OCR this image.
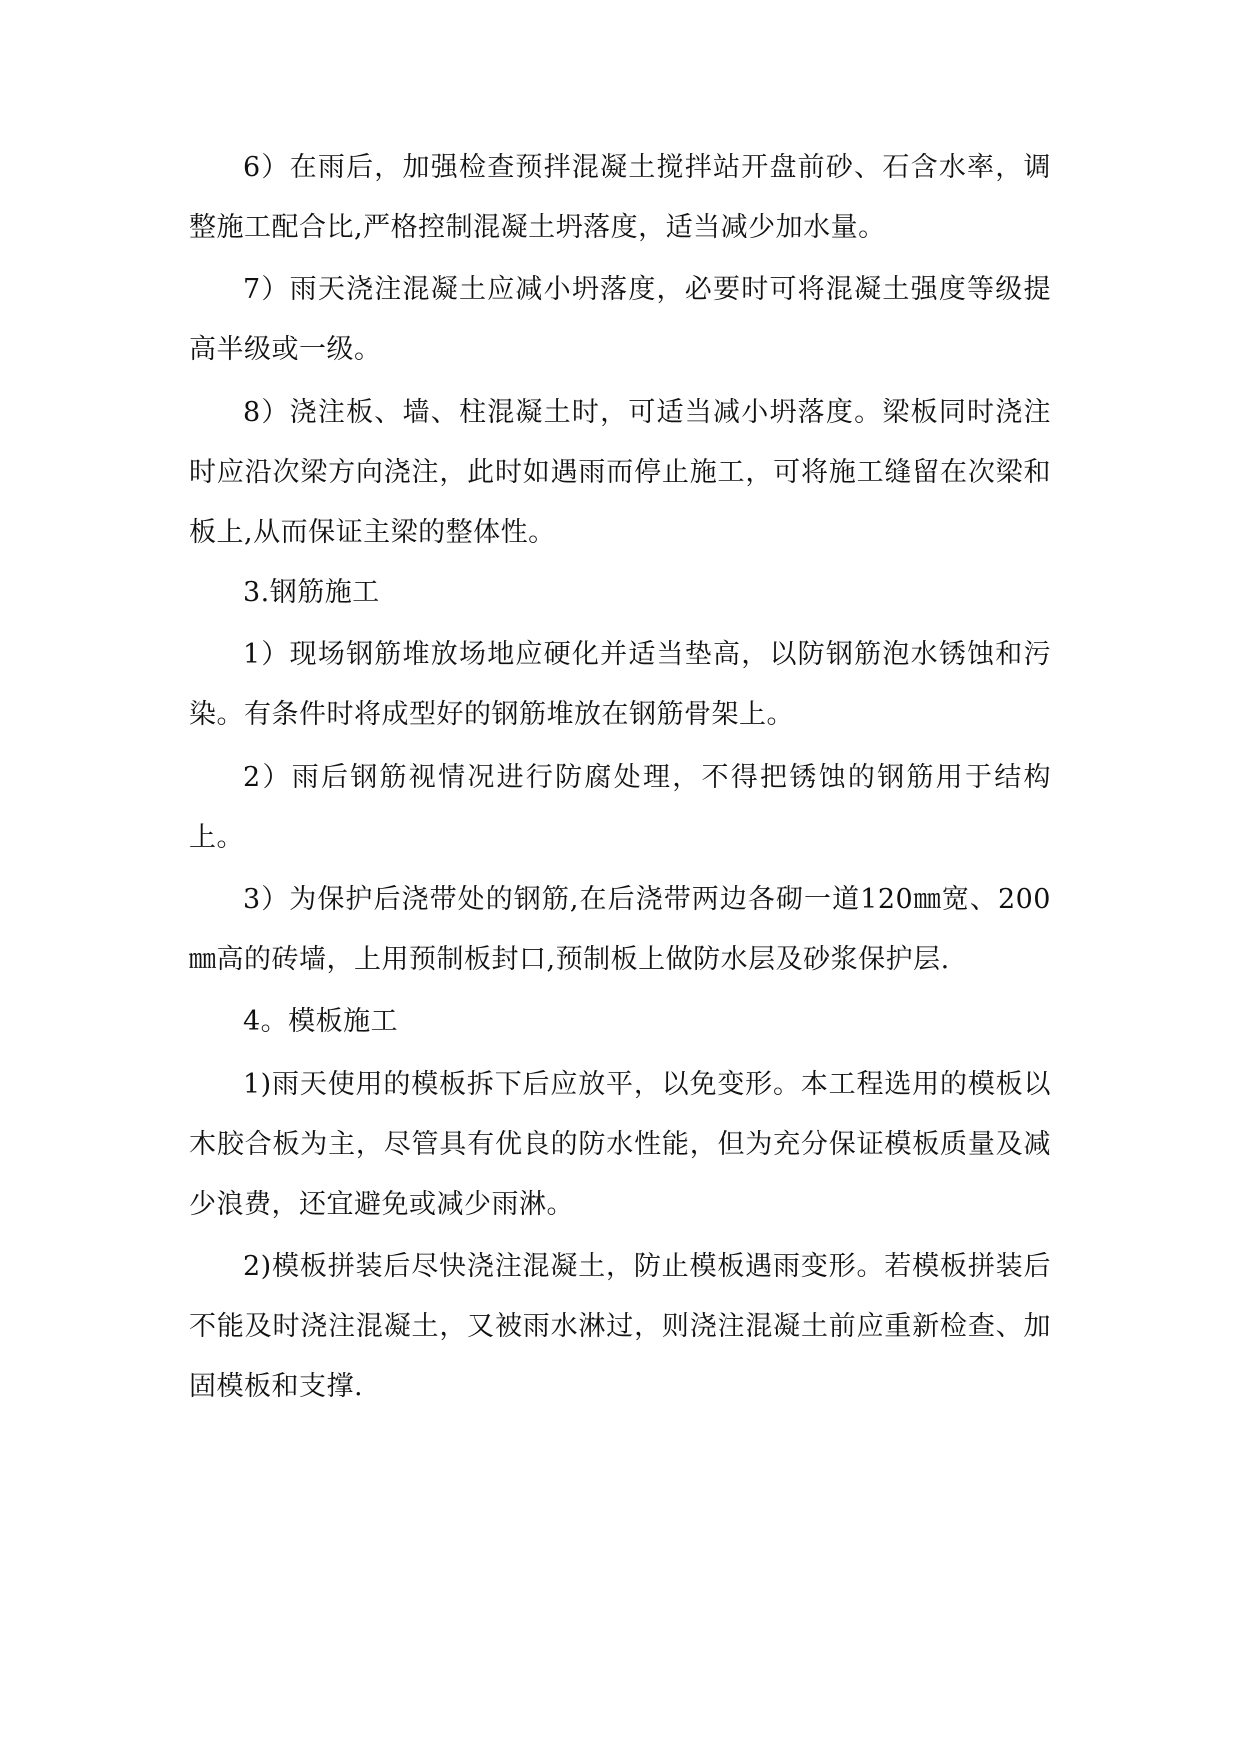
6）在雨后，加强检查预拌混凝土搅拌站开盘前砂、石含水率，调整施工配合比,严格控制混凝土坍落度，适当减少加水量。

7）雨天浇注混凝土应减小坍落度，必要时可将混凝土强度等级提高半级或一级。

8）浇注板、墙、柱混凝土时，可适当减小坍落度。梁板同时浇注时应沿次梁方向浇注，此时如遇雨而停止施工，可将施工缝留在次梁和板上,从而保证主梁的整体性。

3.钢筋施工

1）现场钢筋堆放场地应硬化并适当垫高，以防钢筋泡水锈蚀和污染。有条件时将成型好的钢筋堆放在钢筋骨架上。

2）雨后钢筋视情况进行防腐处理，不得把锈蚀的钢筋用于结构上。

3）为保护后浇带处的钢筋,在后浇带两边各砌一道120㎜宽、200㎜高的砖墙，上用预制板封口,预制板上做防水层及砂浆保护层.

4。模板施工

1)雨天使用的模板拆下后应放平，以免变形。本工程选用的模板以木胶合板为主，尽管具有优良的防水性能，但为充分保证模板质量及减少浪费，还宜避免或减少雨淋。

2)模板拼装后尽快浇注混凝土，防止模板遇雨变形。若模板拼装后不能及时浇注混凝土，又被雨水淋过，则浇注混凝土前应重新检查、加固模板和支撑.
